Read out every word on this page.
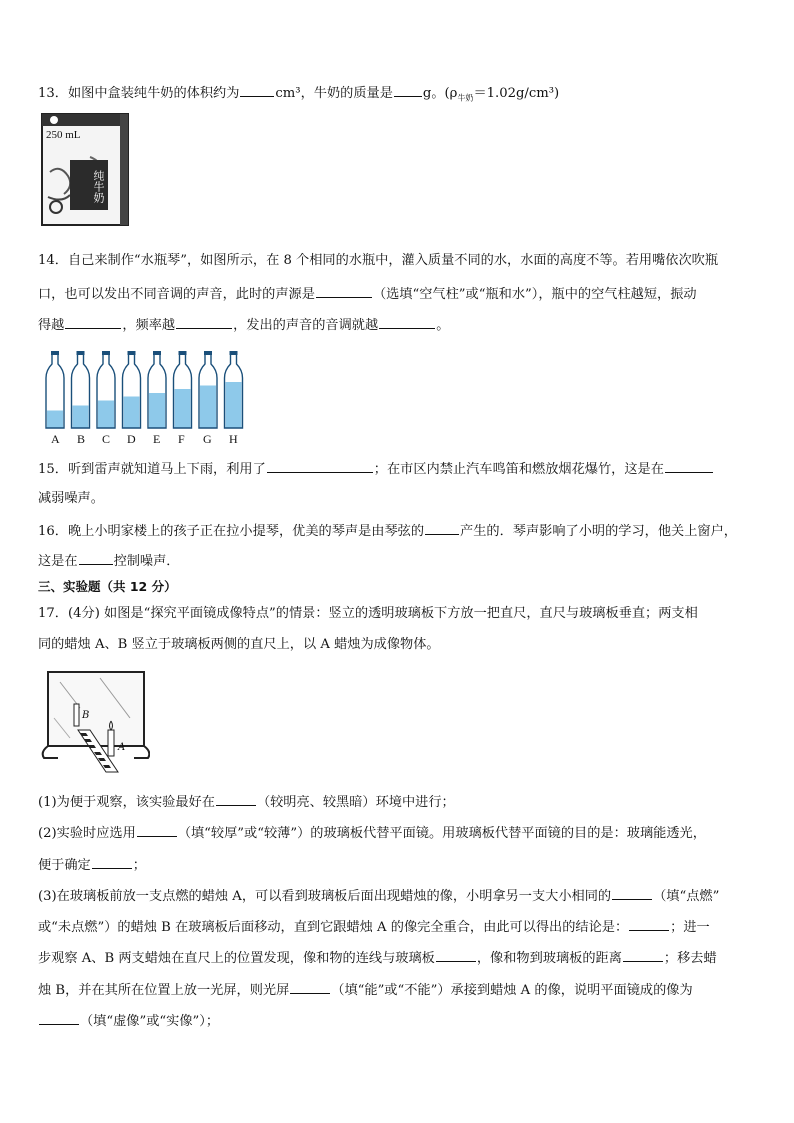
13．如图中盒装纯牛奶的体积约为	cm³，牛奶的质量是 g。$(\rho_{牛奶}=1.02g/cm^3)$
250 mL
纯牛奶
14．自己来制作“水瓶琴”，如图所示，在 8 个相同的水瓶中，灌入质量不同的水，水面的高度不等。若用嘴依次吹瓶
口，也可以发出不同音调的声音，此时的声源是	（选填“空气柱”或“瓶和水”），瓶中的空气柱越短，振动
得越	，频率越	，发出的声音的音调就越	。
A B C D E F G H
15．听到雷声就知道马上下雨，利用了	；在市区内禁止汽车鸣笛和燃放烟花爆竹，这是在
减弱噪声。
16．晚上小明家楼上的孩子正在拉小提琴，优美的琴声是由琴弦的	产生的．琴声影响了小明的学习，他关上窗户，
这是在	控制噪声．
三、实验题（共 12 分）
17．(4分) 如图是“探究平面镜成像特点”的情景：竖立的透明玻璃板下方放一把直尺，直尺与玻璃板垂直；两支相
同的蜡烛 A、B 竖立于玻璃板两侧的直尺上，以 A 蜡烛为成像物体。
B
A
(1)为便于观察，该实验最好在	（较明亮、较黑暗）环境中进行；
(2)实验时应选用	（填“较厚”或“较薄”）的玻璃板代替平面镜。用玻璃板代替平面镜的目的是：玻璃能透光，
便于确定	；
(3)在玻璃板前放一支点燃的蜡烛 A，可以看到玻璃板后面出现蜡烛的像，小明拿另一支大小相同的	（填“点燃”
或“未点燃”）的蜡烛 B 在玻璃板后面移动，直到它跟蜡烛 A 的像完全重合，由此可以得出的结论是：	；进一
步观察 A、B 两支蜡烛在直尺上的位置发现，像和物的连线与玻璃板	，像和物到玻璃板的距离	；移去蜡
烛 B，并在其所在位置上放一光屏，则光屏	（填“能”或“不能”）承接到蜡烛 A 的像，说明平面镜成的像为
（填“虚像”或“实像”）；
